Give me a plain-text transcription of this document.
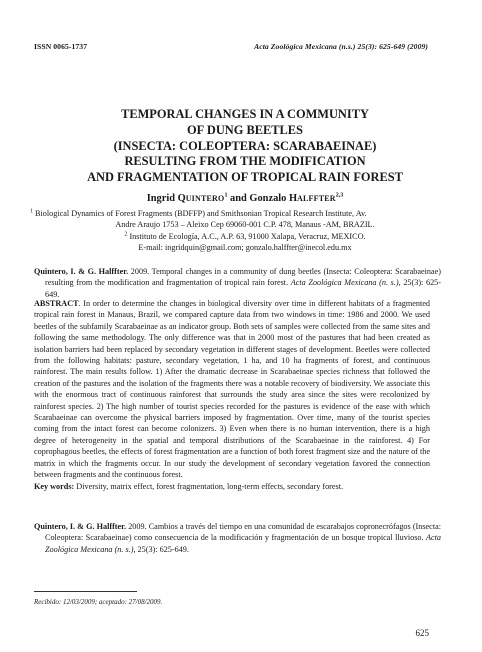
ISSN 0065-1737	Acta Zoológica Mexicana (n.s.) 25(3): 625-649 (2009)
TEMPORAL CHANGES IN A COMMUNITY
OF DUNG BEETLES
(INSECTA: COLEOPTERA: SCARABAEINAE)
RESULTING FROM THE MODIFICATION
AND FRAGMENTATION OF TROPICAL RAIN FOREST
Ingrid QUINTERO$^1$ and Gonzalo HALFFTER$^{2,3}$
$^1$ Biological Dynamics of Forest Fragments (BDFFP) and Smithsonian Tropical Research Institute, Av.
Andre Araujo 1753 – Aleixo Cep 69060-001 C.P. 478, Manaus -AM, BRAZIL.
$^2$ Instituto de Ecología, A.C., A.P. 63, 91000 Xalapa, Veracruz, MEXICO.
E-mail: ingridquin@gmail.com; gonzalo.halffter@inecol.edu.mx
Quintero, I. & G. Halffter. 2009. Temporal changes in a community of dung beetles (Insecta: Coleoptera: Scarabaeinae) resulting from the modification and fragmentation of tropical rain forest. Acta Zoológica Mexicana (n. s.), 25(3): 625-649.
ABSTRACT. In order to determine the changes in biological diversity over time in different habitats of a fragmented tropical rain forest in Manaus, Brazil, we compared capture data from two windows in time: 1986 and 2000. We used beetles of the subfamily Scarabaeinae as an indicator group. Both sets of samples were collected from the same sites and following the same methodology. The only difference was that in 2000 most of the pastures that had been created as isolation barriers had been replaced by secondary vegetation in different stages of development. Beetles were collected from the following habitats: pasture, secondary vegetation, 1 ha, and 10 ha fragments of forest, and continuous rainforest. The main results follow. 1) After the dramatic decrease in Scarabaeinae species richness that followed the creation of the pastures and the isolation of the fragments there was a notable recovery of biodiversity. We associate this with the enormous tract of continuous rainforest that surrounds the study area since the sites were recolonized by rainforest species. 2) The high number of tourist species recorded for the pastures is evidence of the ease with which Scarabaeinae can overcome the physical barriers imposed by fragmentation. Over time, many of the tourist species coming from the intact forest can become colonizers. 3) Even when there is no human intervention, there is a high degree of heterogeneity in the spatial and temporal distributions of the Scarabaeinae in the rainforest. 4) For coprophagous beetles, the effects of forest fragmentation are a function of both forest fragment size and the nature of the matrix in which the fragments occur. In our study the development of secondary vegetation favored the connection between fragments and the continuous forest.
Key words: Diversity, matrix effect, forest fragmentation, long-term effects, secondary forest.
Quintero, I. & G. Halffter. 2009. Cambios a través del tiempo en una comunidad de escarabajos copronecrófagos (Insecta: Coleoptera: Scarabaeinae) como consecuencia de la modificación y fragmentación de un bosque tropical lluvioso. Acta Zoológica Mexicana (n. s.), 25(3): 625-649.
Recibido: 12/03/2009; aceptado: 27/08/2009.
625
